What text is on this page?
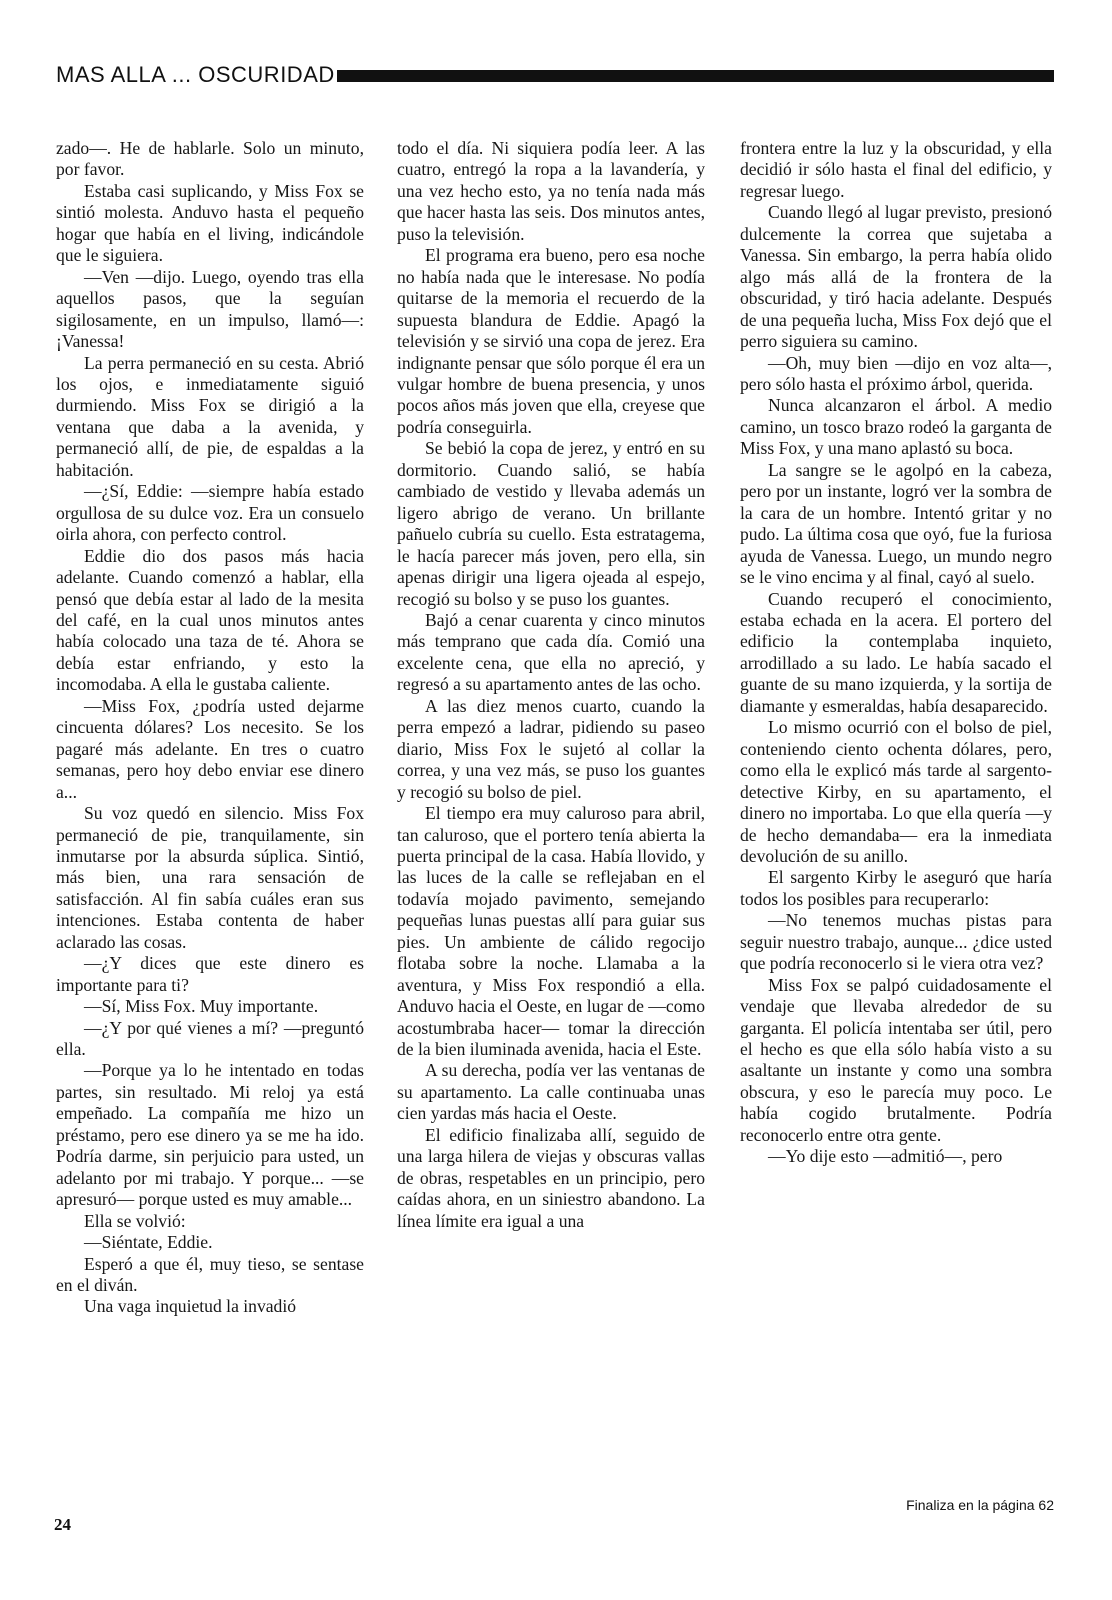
MAS ALLA ... OSCURIDAD

zado—. He de hablarle. Solo un minuto, por favor.

Estaba casi suplicando, y Miss Fox se sintió molesta. Anduvo hasta el pequeño hogar que había en el living, indicándole que le siguiera.

—Ven —dijo. Luego, oyendo tras ella aquellos pasos, que la seguían sigilosamente, en un impulso, llamó—: ¡Vanessa!

La perra permaneció en su cesta. Abrió los ojos, e inmediatamente siguió durmiendo. Miss Fox se dirigió a la ventana que daba a la avenida, y permaneció allí, de pie, de espaldas a la habitación.

—¿Sí, Eddie: —siempre había estado orgullosa de su dulce voz. Era un consuelo oirla ahora, con perfecto control.

Eddie dio dos pasos más hacia adelante. Cuando comenzó a hablar, ella pensó que debía estar al lado de la mesita del café, en la cual unos minutos antes había colocado una taza de té. Ahora se debía estar enfriando, y esto la incomodaba. A ella le gustaba caliente.

—Miss Fox, ¿podría usted dejarme cincuenta dólares? Los necesito. Se los pagaré más adelante. En tres o cuatro semanas, pero hoy debo enviar ese dinero a...

Su voz quedó en silencio. Miss Fox permaneció de pie, tranquilamente, sin inmutarse por la absurda súplica. Sintió, más bien, una rara sensación de satisfacción. Al fin sabía cuáles eran sus intenciones. Estaba contenta de haber aclarado las cosas.

—¿Y dices que este dinero es importante para ti?

—Sí, Miss Fox. Muy importante.

—¿Y por qué vienes a mí? —preguntó ella.

—Porque ya lo he intentado en todas partes, sin resultado. Mi reloj ya está empeñado. La compañía me hizo un préstamo, pero ese dinero ya se me ha ido. Podría darme, sin perjuicio para usted, un adelanto por mi trabajo. Y porque... —se apresuró— porque usted es muy amable...

Ella se volvió:

—Siéntate, Eddie.

Esperó a que él, muy tieso, se sentase en el diván.

Una vaga inquietud la invadió

todo el día. Ni siquiera podía leer. A las cuatro, entregó la ropa a la lavandería, y una vez hecho esto, ya no tenía nada más que hacer hasta las seis. Dos minutos antes, puso la televisión.

El programa era bueno, pero esa noche no había nada que le interesase. No podía quitarse de la memoria el recuerdo de la supuesta blandura de Eddie. Apagó la televisión y se sirvió una copa de jerez. Era indignante pensar que sólo porque él era un vulgar hombre de buena presencia, y unos pocos años más joven que ella, creyese que podría conseguirla.

Se bebió la copa de jerez, y entró en su dormitorio. Cuando salió, se había cambiado de vestido y llevaba además un ligero abrigo de verano. Un brillante pañuelo cubría su cuello. Esta estratagema, le hacía parecer más joven, pero ella, sin apenas dirigir una ligera ojeada al espejo, recogió su bolso y se puso los guantes.

Bajó a cenar cuarenta y cinco minutos más temprano que cada día. Comió una excelente cena, que ella no apreció, y regresó a su apartamento antes de las ocho.

A las diez menos cuarto, cuando la perra empezó a ladrar, pidiendo su paseo diario, Miss Fox le sujetó al collar la correa, y una vez más, se puso los guantes y recogió su bolso de piel.

El tiempo era muy caluroso para abril, tan caluroso, que el portero tenía abierta la puerta principal de la casa. Había llovido, y las luces de la calle se reflejaban en el todavía mojado pavimento, semejando pequeñas lunas puestas allí para guiar sus pies. Un ambiente de cálido regocijo flotaba sobre la noche. Llamaba a la aventura, y Miss Fox respondió a ella. Anduvo hacia el Oeste, en lugar de —como acostumbraba hacer— tomar la dirección de la bien iluminada avenida, hacia el Este.

A su derecha, podía ver las ventanas de su apartamento. La calle continuaba unas cien yardas más hacia el Oeste.

El edificio finalizaba allí, seguido de una larga hilera de viejas y obscuras vallas de obras, respetables en un principio, pero caídas ahora, en un siniestro abandono. La línea límite era igual a una

frontera entre la luz y la obscuridad, y ella decidió ir sólo hasta el final del edificio, y regresar luego.

Cuando llegó al lugar previsto, presionó dulcemente la correa que sujetaba a Vanessa. Sin embargo, la perra había olido algo más allá de la frontera de la obscuridad, y tiró hacia adelante. Después de una pequeña lucha, Miss Fox dejó que el perro siguiera su camino.

—Oh, muy bien —dijo en voz alta—, pero sólo hasta el próximo árbol, querida.

Nunca alcanzaron el árbol. A medio camino, un tosco brazo rodeó la garganta de Miss Fox, y una mano aplastó su boca.

La sangre se le agolpó en la cabeza, pero por un instante, logró ver la sombra de la cara de un hombre. Intentó gritar y no pudo. La última cosa que oyó, fue la furiosa ayuda de Vanessa. Luego, un mundo negro se le vino encima y al final, cayó al suelo.

Cuando recuperó el conocimiento, estaba echada en la acera. El portero del edificio la contemplaba inquieto, arrodillado a su lado. Le había sacado el guante de su mano izquierda, y la sortija de diamante y esmeraldas, había desaparecido.

Lo mismo ocurrió con el bolso de piel, conteniendo ciento ochenta dólares, pero, como ella le explicó más tarde al sargento-detective Kirby, en su apartamento, el dinero no importaba. Lo que ella quería —y de hecho demandaba— era la inmediata devolución de su anillo.

El sargento Kirby le aseguró que haría todos los posibles para recuperarlo:

—No tenemos muchas pistas para seguir nuestro trabajo, aunque... ¿dice usted que podría reconocerlo si le viera otra vez?

Miss Fox se palpó cuidadosamente el vendaje que llevaba alrededor de su garganta. El policía intentaba ser útil, pero el hecho es que ella sólo había visto a su asaltante un instante y como una sombra obscura, y eso le parecía muy poco. Le había cogido brutalmente. Podría reconocerlo entre otra gente.

—Yo dije esto —admitió—, pero

24
Finaliza en la página 62
